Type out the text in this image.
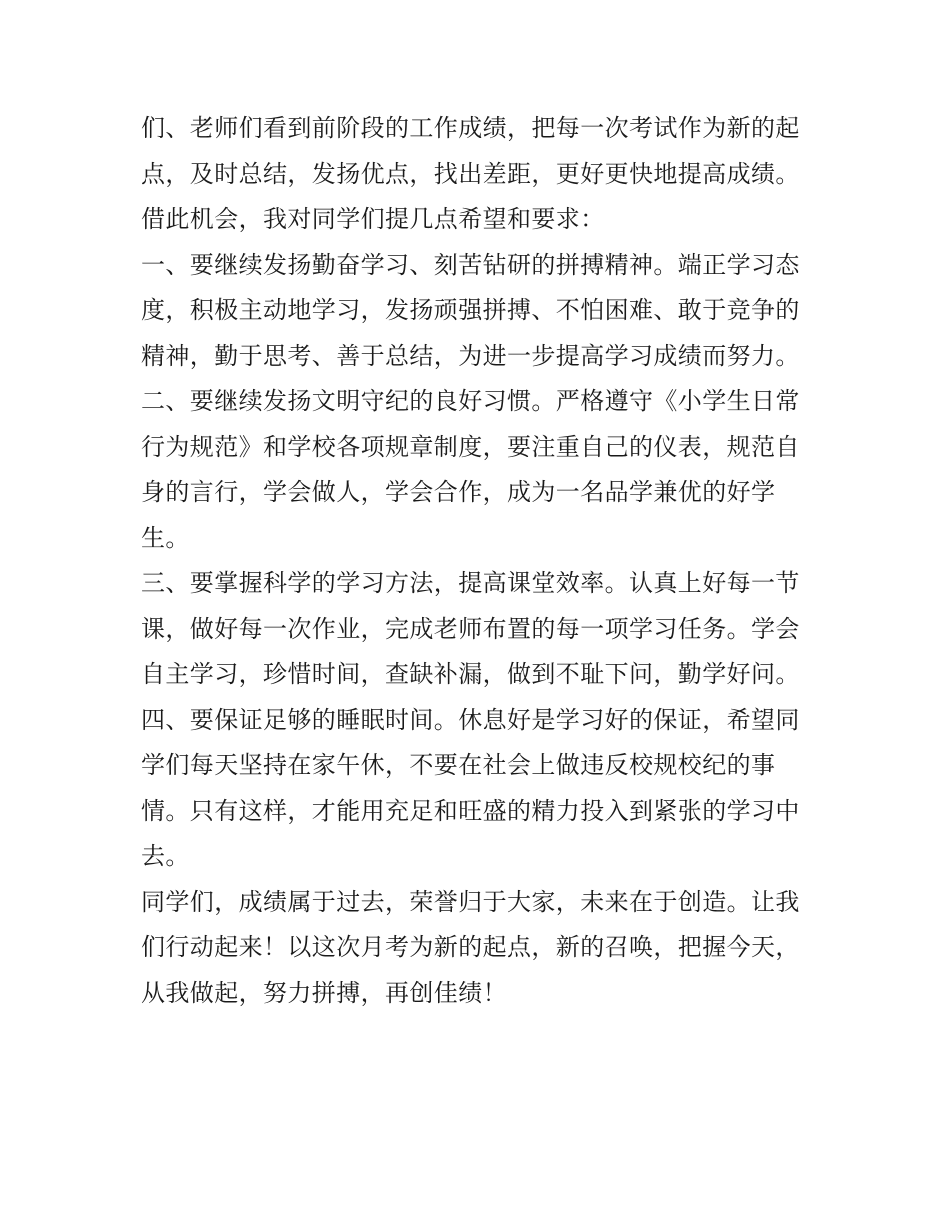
们、老师们看到前阶段的工作成绩，把每一次考试作为新的起
点，及时总结，发扬优点，找出差距，更好更快地提高成绩。
借此机会，我对同学们提几点希望和要求：
一、要继续发扬勤奋学习、刻苦钻研的拼搏精神。端正学习态
度，积极主动地学习，发扬顽强拼搏、不怕困难、敢于竞争的
精神，勤于思考、善于总结，为进一步提高学习成绩而努力。
二、要继续发扬文明守纪的良好习惯。严格遵守《小学生日常
行为规范》和学校各项规章制度，要注重自己的仪表，规范自
身的言行，学会做人，学会合作，成为一名品学兼优的好学
生。
三、要掌握科学的学习方法，提高课堂效率。认真上好每一节
课，做好每一次作业，完成老师布置的每一项学习任务。学会
自主学习，珍惜时间，查缺补漏，做到不耻下问，勤学好问。
四、要保证足够的睡眠时间。休息好是学习好的保证，希望同
学们每天坚持在家午休，不要在社会上做违反校规校纪的事
情。只有这样，才能用充足和旺盛的精力投入到紧张的学习中
去。
同学们，成绩属于过去，荣誉归于大家，未来在于创造。让我
们行动起来！以这次月考为新的起点，新的召唤，把握今天，
从我做起，努力拼搏，再创佳绩！
